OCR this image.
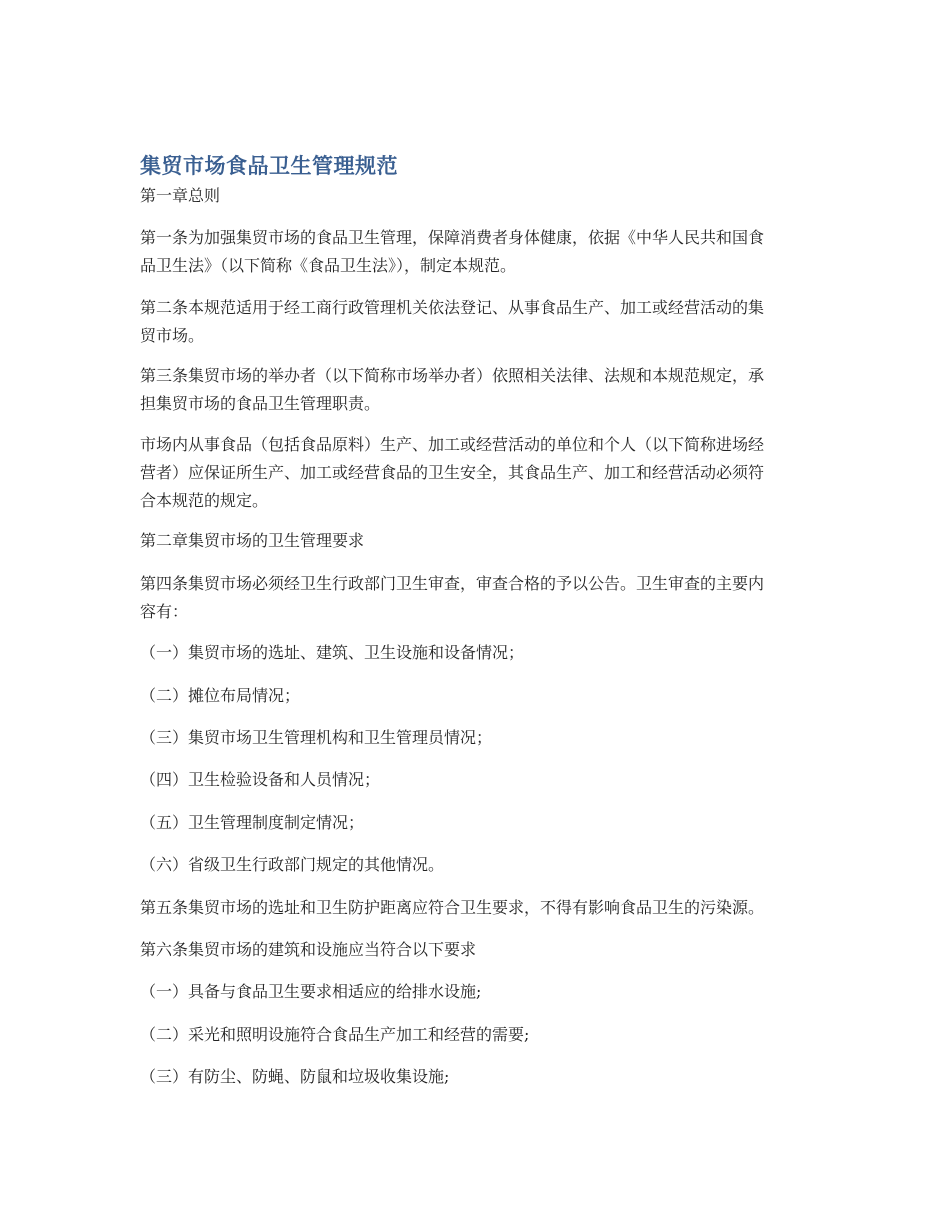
集贸市场食品卫生管理规范

第一章总则

第一条为加强集贸市场的食品卫生管理，保障消费者身体健康，依据《中华人民共和国食
品卫生法》（以下简称《食品卫生法》），制定本规范。

第二条本规范适用于经工商行政管理机关依法登记、从事食品生产、加工或经营活动的集
贸市场。

第三条集贸市场的举办者（以下简称市场举办者）依照相关法律、法规和本规范规定，承
担集贸市场的食品卫生管理职责。

市场内从事食品（包括食品原料）生产、加工或经营活动的单位和个人（以下简称进场经
营者）应保证所生产、加工或经营食品的卫生安全，其食品生产、加工和经营活动必须符
合本规范的规定。

第二章集贸市场的卫生管理要求

第四条集贸市场必须经卫生行政部门卫生审查，审查合格的予以公告。卫生审查的主要内
容有：

（一）集贸市场的选址、建筑、卫生设施和设备情况；

（二）摊位布局情况；

（三）集贸市场卫生管理机构和卫生管理员情况；

（四）卫生检验设备和人员情况；

（五）卫生管理制度制定情况；

（六）省级卫生行政部门规定的其他情况。

第五条集贸市场的选址和卫生防护距离应符合卫生要求，不得有影响食品卫生的污染源。

第六条集贸市场的建筑和设施应当符合以下要求

（一）具备与食品卫生要求相适应的给排水设施;

（二）采光和照明设施符合食品生产加工和经营的需要;

（三）有防尘、防蝇、防鼠和垃圾收集设施;
